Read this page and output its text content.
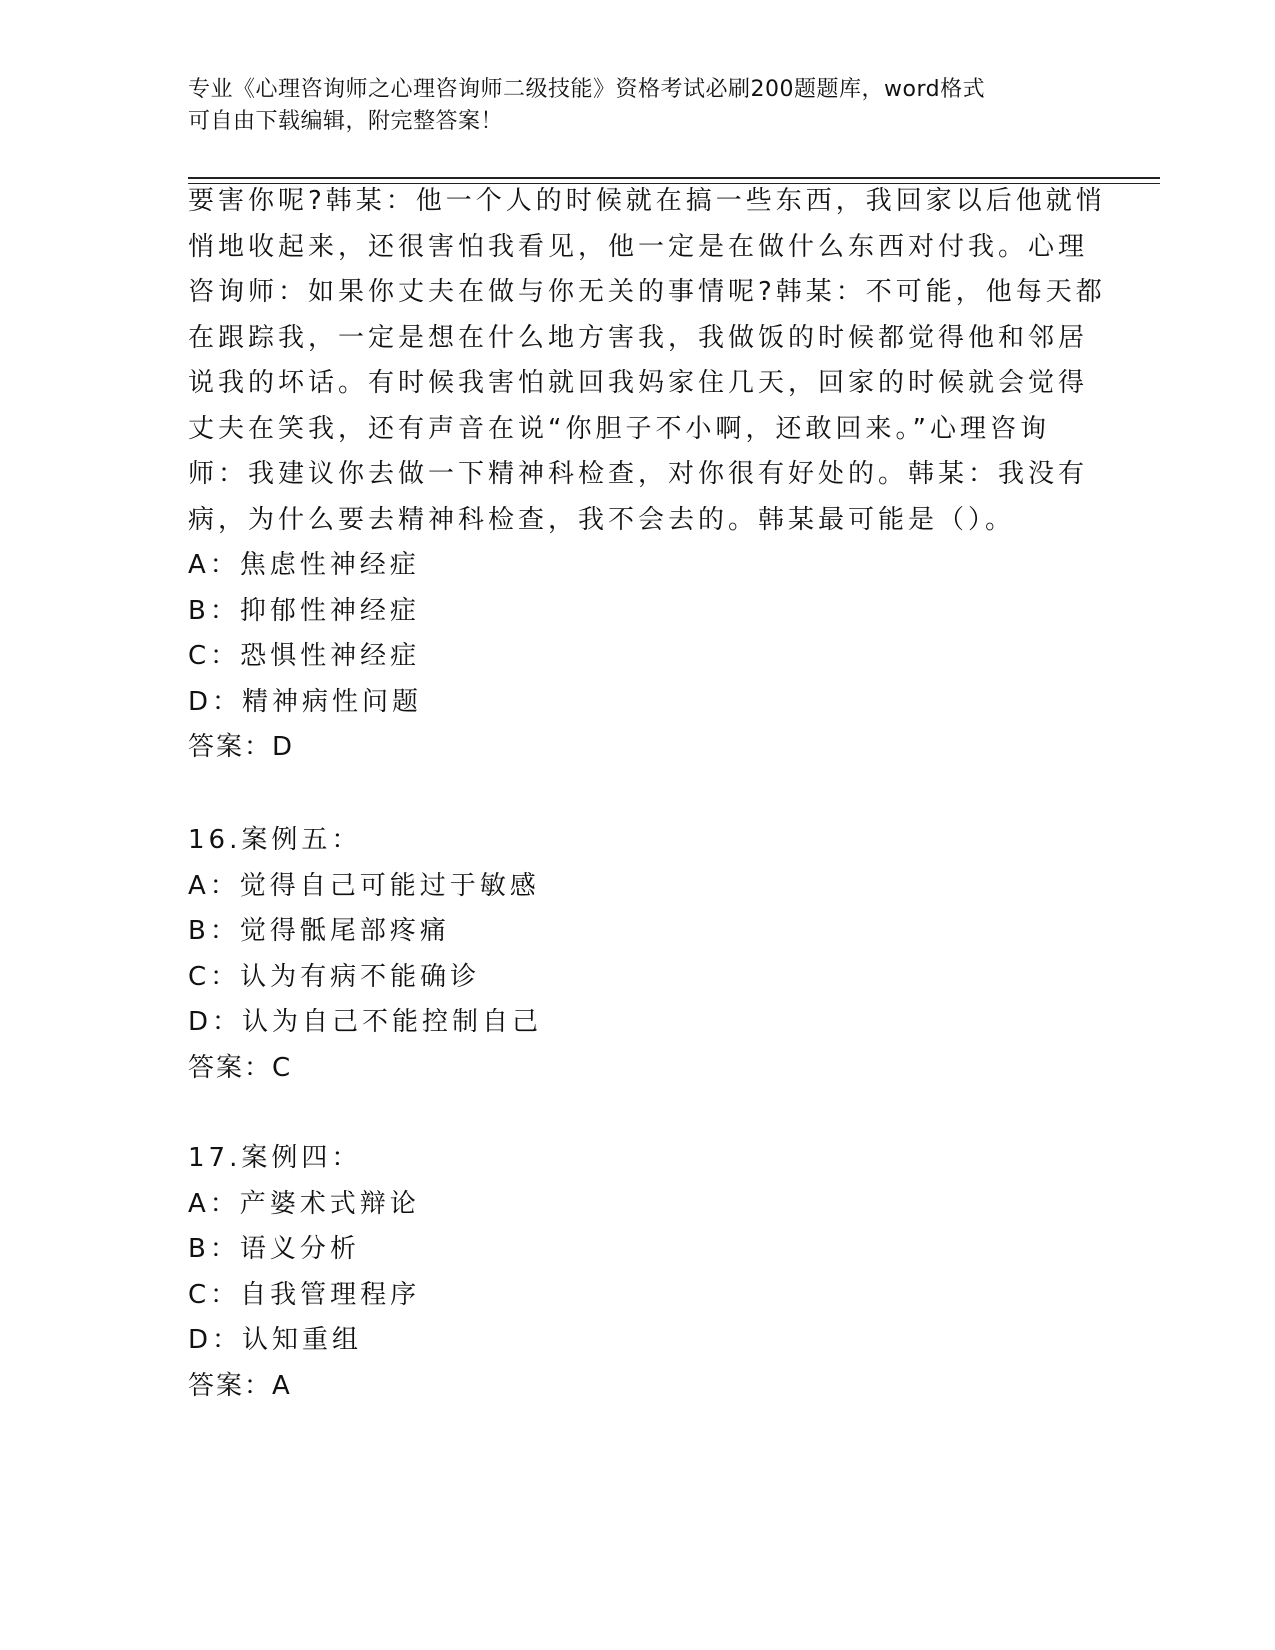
专业《心理咨询师之心理咨询师二级技能》资格考试必刷200题题库，word格式
可自由下载编辑，附完整答案！
要害你呢?韩某：他一个人的时候就在搞一些东西，我回家以后他就悄
悄地收起来，还很害怕我看见，他一定是在做什么东西对付我。心理
咨询师：如果你丈夫在做与你无关的事情呢?韩某：不可能，他每天都
在跟踪我，一定是想在什么地方害我，我做饭的时候都觉得他和邻居
说我的坏话。有时候我害怕就回我妈家住几天，回家的时候就会觉得
丈夫在笑我，还有声音在说“你胆子不小啊，还敢回来。”心理咨询
师：我建议你去做一下精神科检查，对你很有好处的。韩某：我没有
病，为什么要去精神科检查，我不会去的。韩某最可能是（）。
A：焦虑性神经症
B：抑郁性神经症
C：恐惧性神经症
D：精神病性问题
答案：D
16.案例五：
A：觉得自己可能过于敏感
B：觉得骶尾部疼痛
C：认为有病不能确诊
D：认为自己不能控制自己
答案：C
17.案例四：
A：产婆术式辩论
B：语义分析
C：自我管理程序
D：认知重组
答案：A
